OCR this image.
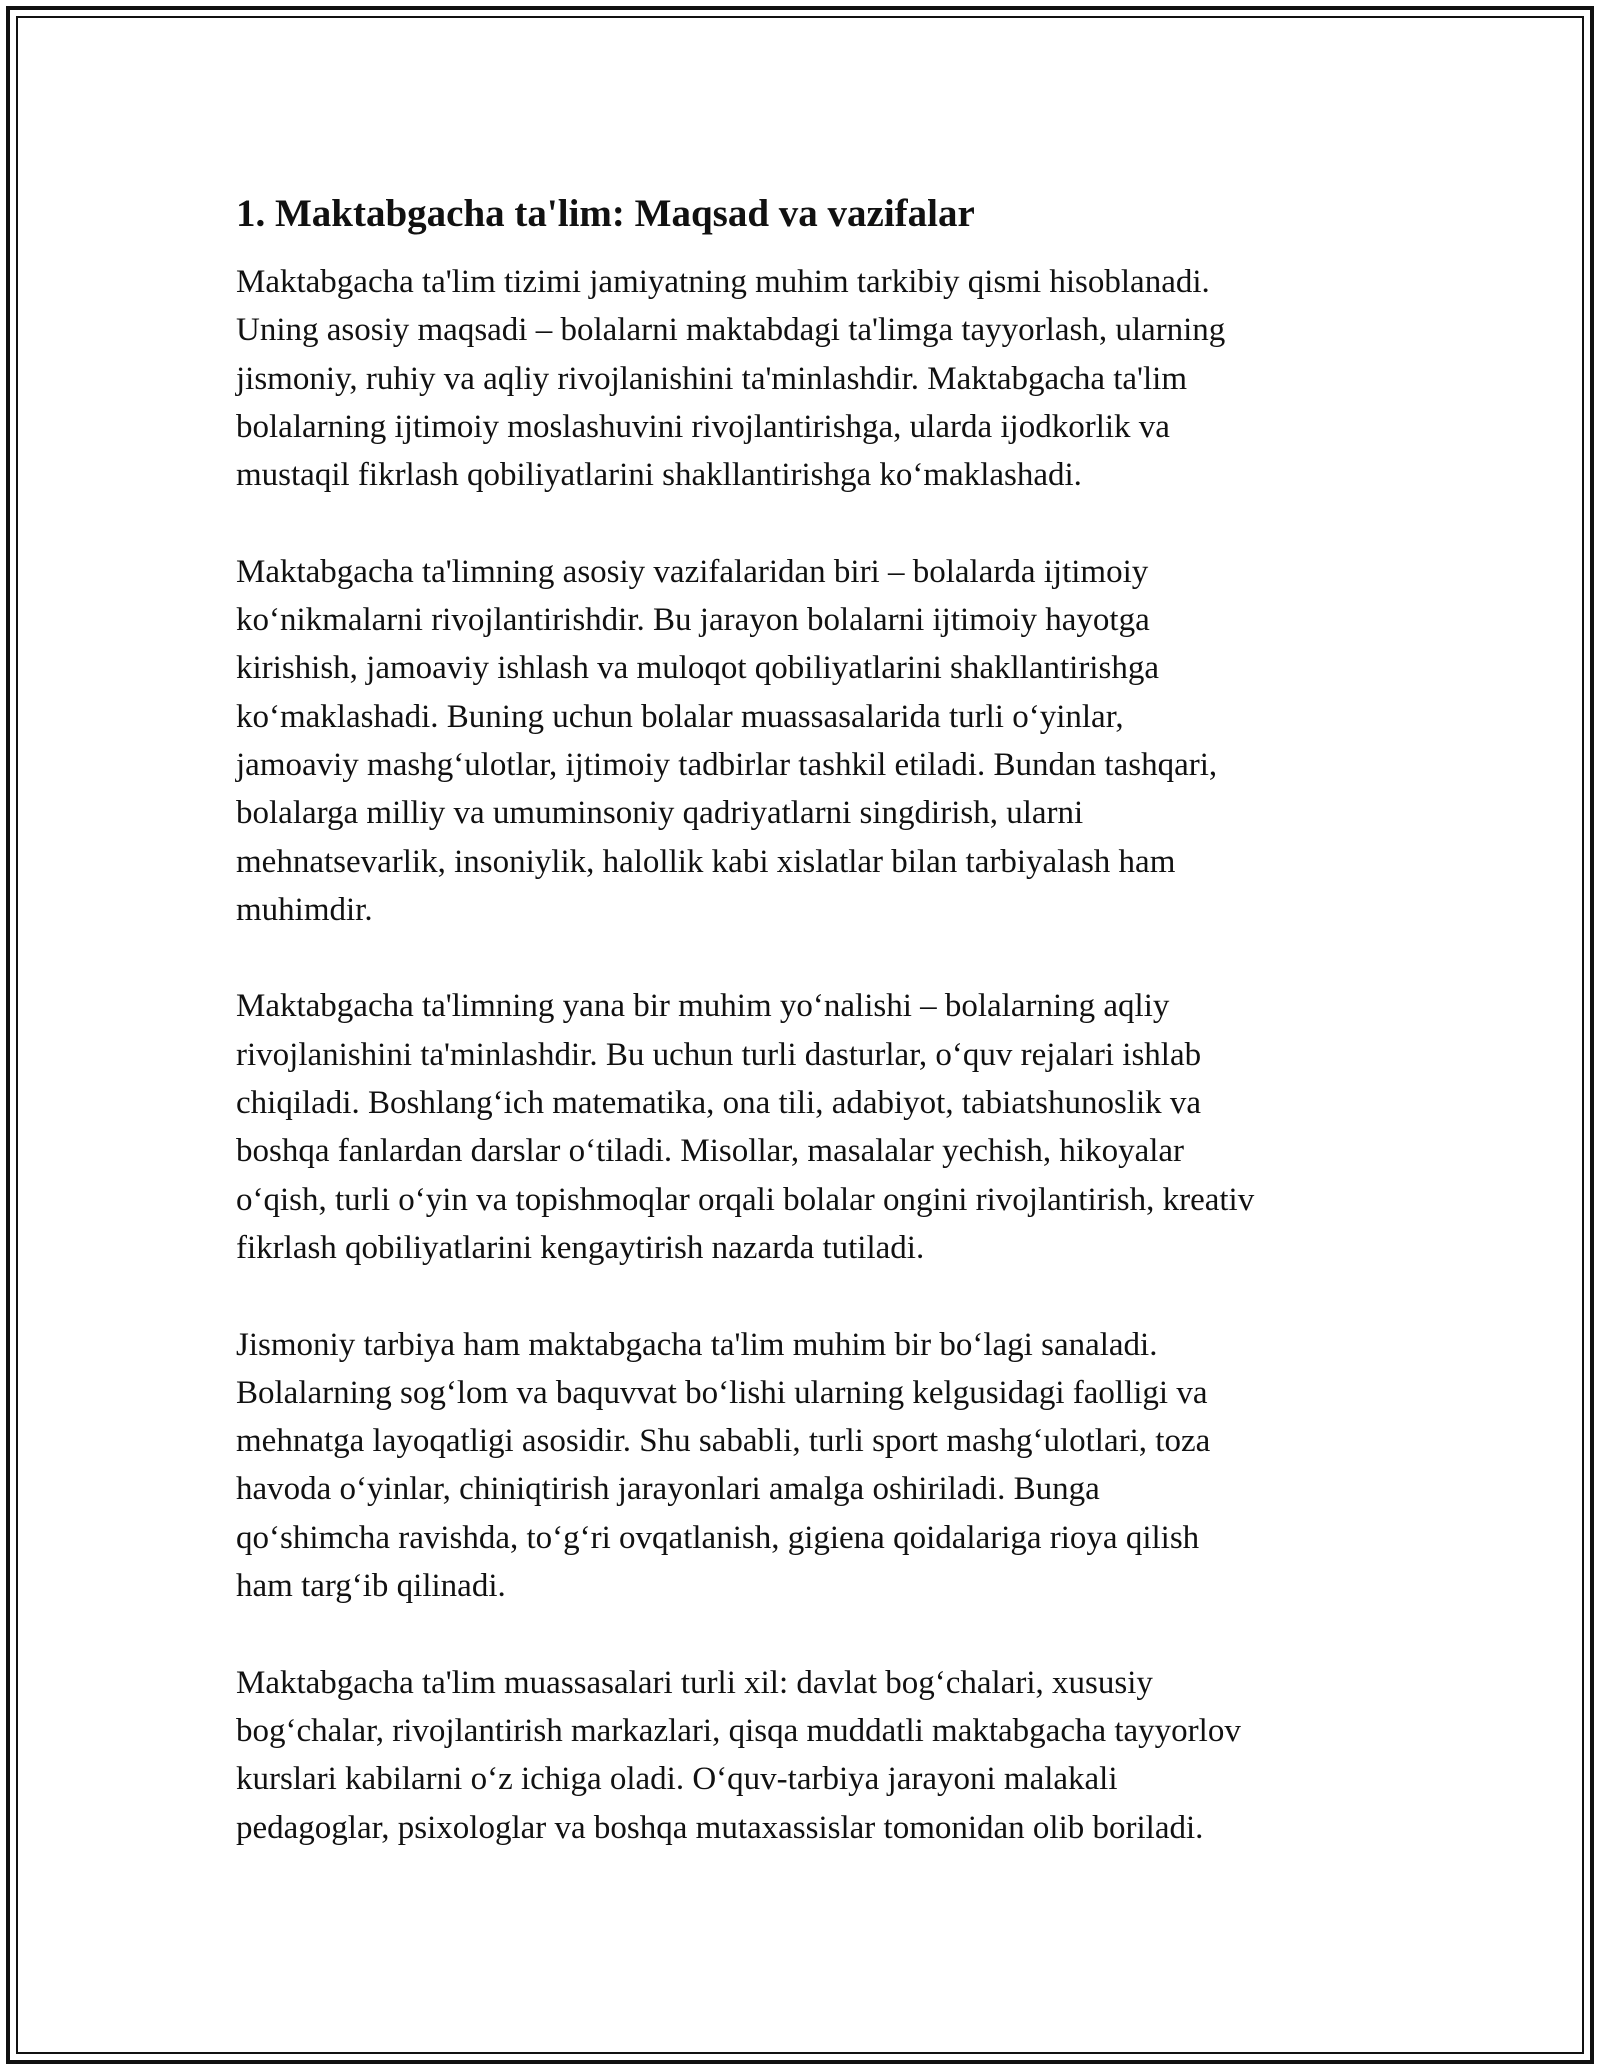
1. Maktabgacha ta'lim: Maqsad va vazifalar

Maktabgacha ta'lim tizimi jamiyatning muhim tarkibiy qismi hisoblanadi.
Uning asosiy maqsadi – bolalarni maktabdagi ta'limga tayyorlash, ularning
jismoniy, ruhiy va aqliy rivojlanishini ta'minlashdir. Maktabgacha ta'lim
bolalarning ijtimoiy moslashuvini rivojlantirishga, ularda ijodkorlik va
mustaqil fikrlash qobiliyatlarini shakllantirishga koʻmaklashadi.

Maktabgacha ta'limning asosiy vazifalaridan biri – bolalarda ijtimoiy
koʻnikmalarni rivojlantirishdir. Bu jarayon bolalarni ijtimoiy hayotga
kirishish, jamoaviy ishlash va muloqot qobiliyatlarini shakllantirishga
koʻmaklashadi. Buning uchun bolalar muassasalarida turli oʻyinlar,
jamoaviy mashgʻulotlar, ijtimoiy tadbirlar tashkil etiladi. Bundan tashqari,
bolalarga milliy va umuminsoniy qadriyatlarni singdirish, ularni
mehnatsevarlik, insoniylik, halollik kabi xislatlar bilan tarbiyalash ham
muhimdir.

Maktabgacha ta'limning yana bir muhim yoʻnalishi – bolalarning aqliy
rivojlanishini ta'minlashdir. Bu uchun turli dasturlar, oʻquv rejalari ishlab
chiqiladi. Boshlangʻich matematika, ona tili, adabiyot, tabiatshunoslik va
boshqa fanlardan darslar oʻtiladi. Misollar, masalalar yechish, hikoyalar
oʻqish, turli oʻyin va topishmoqlar orqali bolalar ongini rivojlantirish, kreativ
fikrlash qobiliyatlarini kengaytirish nazarda tutiladi.

Jismoniy tarbiya ham maktabgacha ta'lim muhim bir boʻlagi sanaladi.
Bolalarning sogʻlom va baquvvat boʻlishi ularning kelgusidagi faolligi va
mehnatga layoqatligi asosidir. Shu sababli, turli sport mashgʻulotlari, toza
havoda oʻyinlar, chiniqtirish jarayonlari amalga oshiriladi. Bunga
qoʻshimcha ravishda, toʻgʻri ovqatlanish, gigiena qoidalariga rioya qilish
ham targʻib qilinadi.

Maktabgacha ta'lim muassasalari turli xil: davlat bogʻchalari, xususiy
bogʻchalar, rivojlantirish markazlari, qisqa muddatli maktabgacha tayyorlov
kurslari kabilarni oʻz ichiga oladi. Oʻquv-tarbiya jarayoni malakali
pedagoglar, psixologlar va boshqa mutaxassislar tomonidan olib boriladi.
